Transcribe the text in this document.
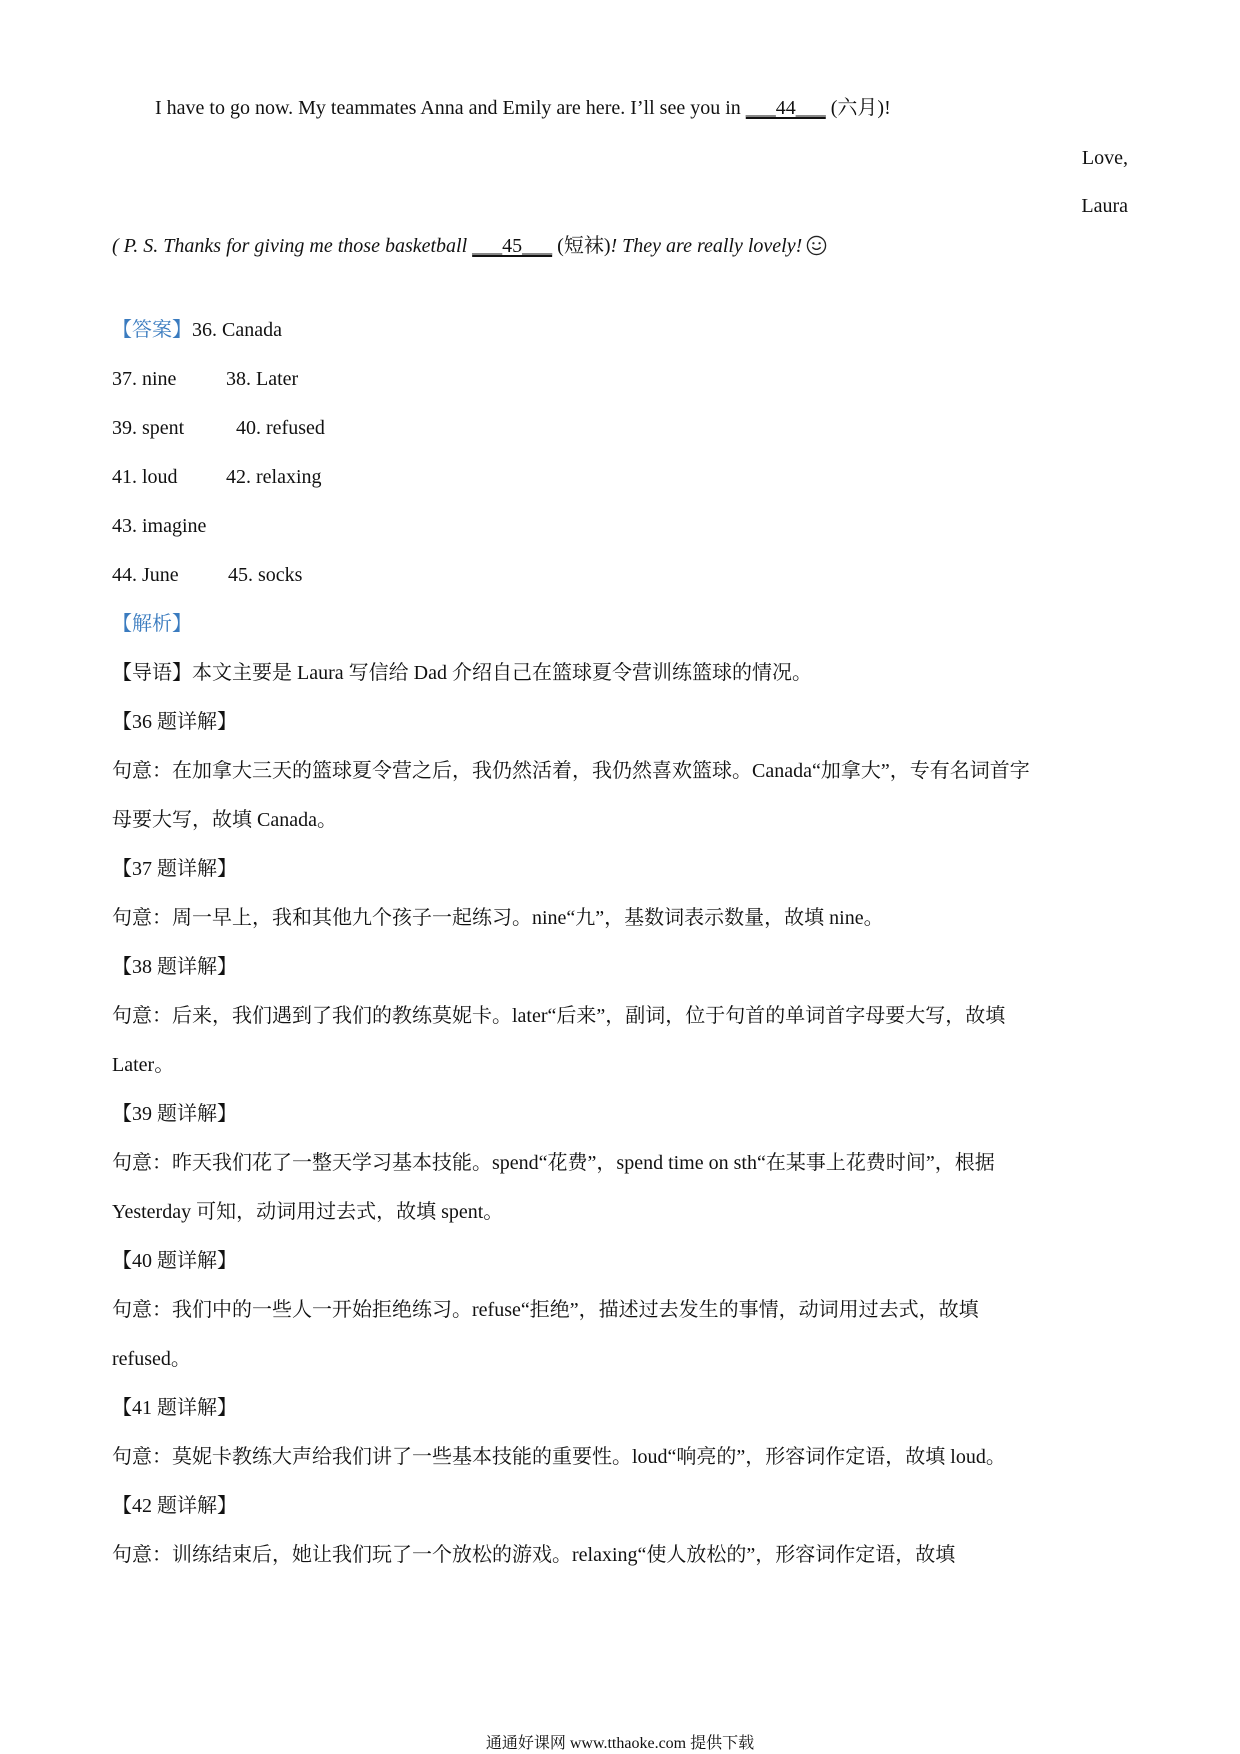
I have to go now. My teammates Anna and Emily are here. I’ll see you in ___44___ (六月)!
Love,
Laura
( P. S. Thanks for giving me those basketball ___45___ (短袜)! They are really lovely!
【答案】36. Canada
37. nine 38. Later
39. spent	40. refused
41. loud 42. relaxing
43. imagine
44. June 45. socks
【解析】
【导语】本文主要是 Laura 写信给 Dad 介绍自己在篮球夏令营训练篮球的情况。
【36 题详解】
句意：在加拿大三天的篮球夏令营之后，我仍然活着，我仍然喜欢篮球。Canada“加拿大”，专有名词首字
母要大写，故填 Canada。
【37 题详解】
句意：周一早上，我和其他九个孩子一起练习。nine“九”，基数词表示数量，故填 nine。
【38 题详解】
句意：后来，我们遇到了我们的教练莫妮卡。later“后来”，副词，位于句首的单词首字母要大写，故填
Later。
【39 题详解】
句意：昨天我们花了一整天学习基本技能。spend“花费”，spend time on sth“在某事上花费时间”，根据
Yesterday 可知，动词用过去式，故填 spent。
【40 题详解】
句意：我们中的一些人一开始拒绝练习。refuse“拒绝”，描述过去发生的事情，动词用过去式，故填
refused。
【41 题详解】
句意：莫妮卡教练大声给我们讲了一些基本技能的重要性。loud“响亮的”，形容词作定语，故填 loud。
【42 题详解】
句意：训练结束后，她让我们玩了一个放松的游戏。relaxing“使人放松的”，形容词作定语，故填
通通好课网 www.tthaoke.com 提供下载
